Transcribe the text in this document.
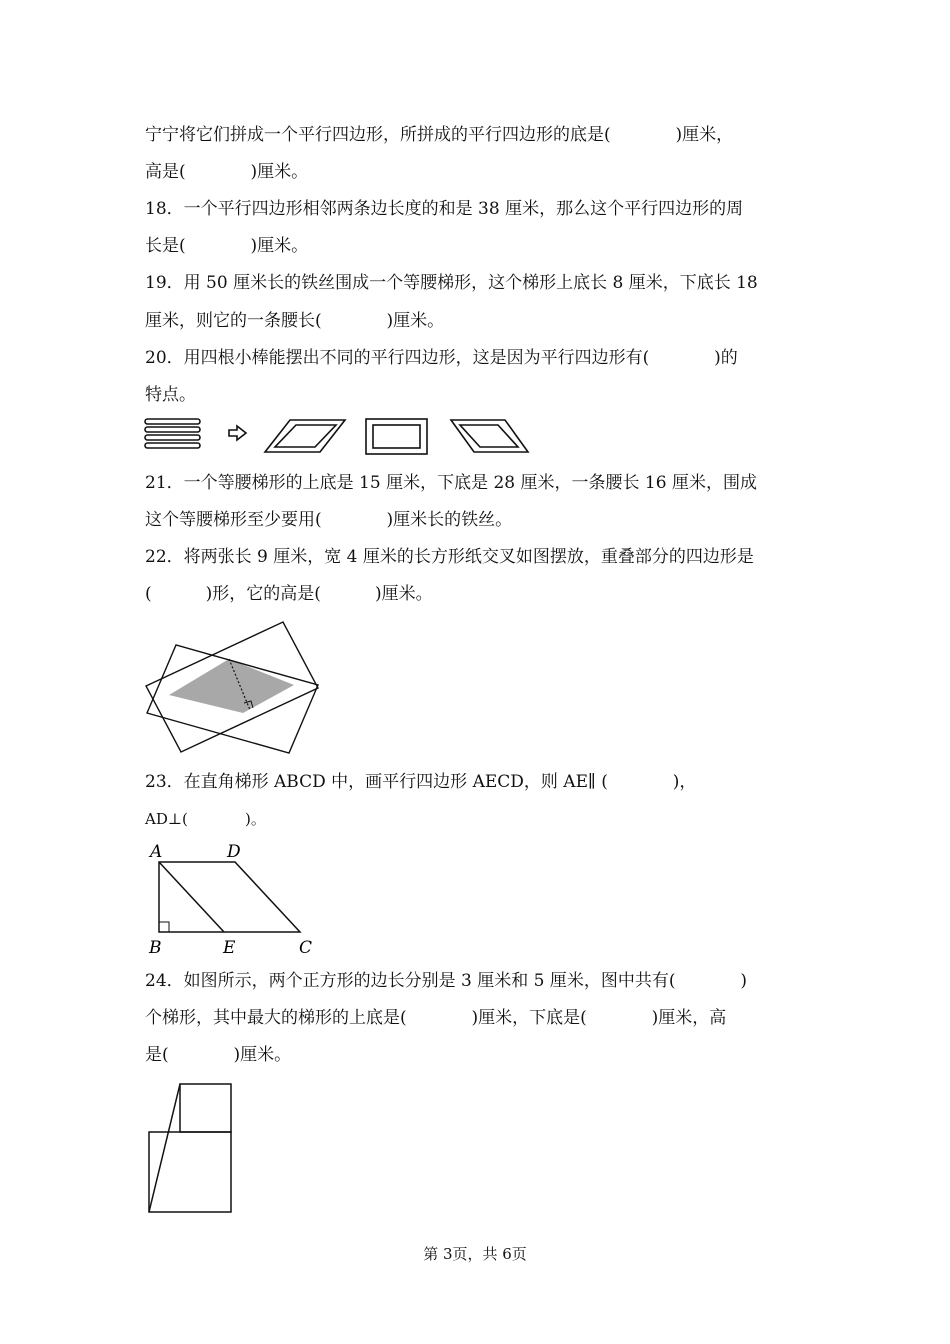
宁宁将它们拼成一个平行四边形，所拼成的平行四边形的底是(            )厘米，
高是(            )厘米。
18．一个平行四边形相邻两条边长度的和是 38 厘米，那么这个平行四边形的周
长是(            )厘米。
19．用 50 厘米长的铁丝围成一个等腰梯形，这个梯形上底长 8 厘米，下底长 18
厘米，则它的一条腰长(            )厘米。
20．用四根小棒能摆出不同的平行四边形，这是因为平行四边形有(            )的
特点。
21．一个等腰梯形的上底是 15 厘米，下底是 28 厘米，一条腰长 16 厘米，围成
这个等腰梯形至少要用(            )厘米长的铁丝。
22．将两张长 9 厘米，宽 4 厘米的长方形纸交叉如图摆放，重叠部分的四边形是
(          )形，它的高是(          )厘米。
23．在直角梯形 ABCD 中，画平行四边形 AECD，则 AE∥ (            )，
AD⊥(            )。
A	D
B	E	C
24．如图所示，两个正方形的边长分别是 3 厘米和 5 厘米，图中共有(            )
个梯形，其中最大的梯形的上底是(            )厘米，下底是(            )厘米，高
是(            )厘米。
第 3页，共 6页
